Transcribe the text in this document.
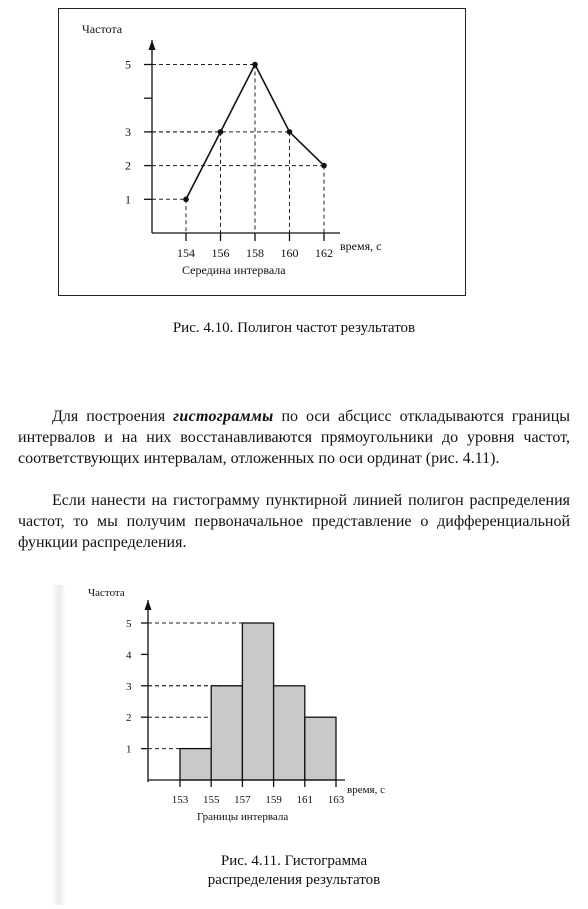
1
2
3
5
154 156 158 160 162
Частота
время, с
Середина интервала
Рис. 4.10. Полигон частот результатов
Для построения гистограммы по оси абсцисс откладываются границы интервалов и на них восстанавливаются прямоугольники до уровня частот, соответствующих интервалам, отложенных по оси ординат (рис. 4.11).
Если нанести на гистограмму пунктирной линией полигон распределения частот, то мы получим первоначальное представление о дифференциальной функции распределения.
1
2
3
4
5
153 155 157 159 161 163
Частота
время, с
Границы интервала
Рис. 4.11. Гистограмма
распределения результатов
